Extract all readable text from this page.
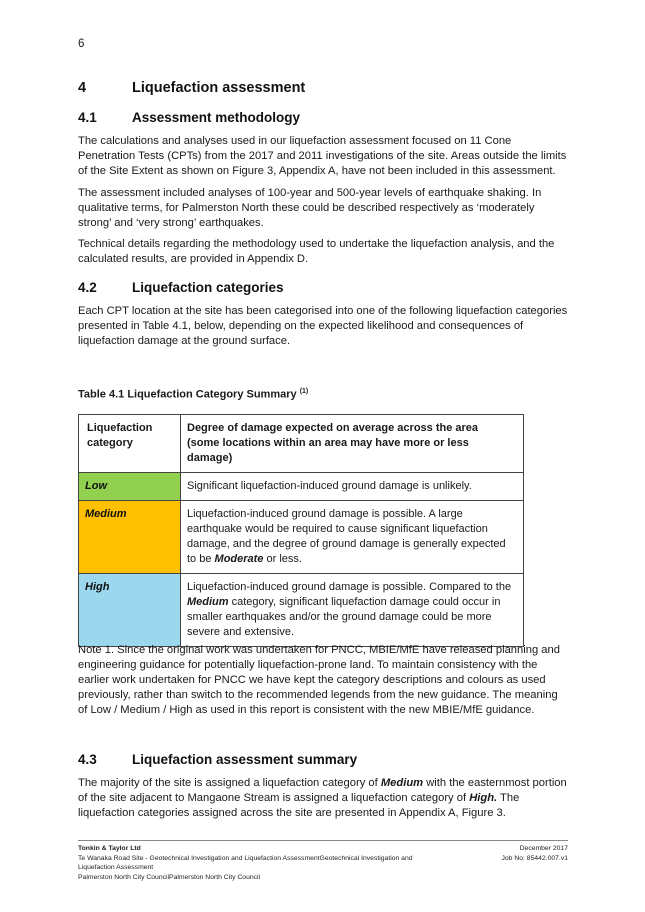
6
4	Liquefaction assessment
4.1	Assessment methodology

The calculations and analyses used in our liquefaction assessment focused on 11 Cone Penetration Tests (CPTs) from the 2017 and 2011 investigations of the site. Areas outside the limits of the Site Extent as shown on Figure 3, Appendix A, have not been included in this assessment.

The assessment included analyses of 100-year and 500-year levels of earthquake shaking. In qualitative terms, for Palmerston North these could be described respectively as ‘moderately strong’ and ‘very strong’ earthquakes.

Technical details regarding the methodology used to undertake the liquefaction analysis, and the calculated results, are provided in Appendix D.

4.2	Liquefaction categories

Each CPT location at the site has been categorised into one of the following liquefaction categories presented in Table 4.1, below, depending on the expected likelihood and consequences of liquefaction damage at the ground surface.

Table 4.1 Liquefaction Category Summary $^{(1)}$
Liquefaction category	Degree of damage expected on average across the area
(some locations within an area may have more or less damage)

Low	Significant liquefaction-induced ground damage is unlikely.
Medium	Liquefaction-induced ground damage is possible. A large earthquake would be required to cause significant liquefaction damage, and the degree of ground damage is generally expected to be Moderate or less.
High	Liquefaction-induced ground damage is possible. Compared to the Medium category, significant liquefaction damage could occur in smaller earthquakes and/or the ground damage could be more severe and extensive.

Note 1. Since the original work was undertaken for PNCC, MBIE/MfE have released planning and engineering guidance for potentially liquefaction-prone land. To maintain consistency with the earlier work undertaken for PNCC we have kept the category descriptions and colours as used previously, rather than switch to the recommended legends from the new guidance. The meaning of Low / Medium / High as used in this report is consistent with the new MBIE/MfE guidance.

4.3	Liquefaction assessment summary

The majority of the site is assigned a liquefaction category of Medium with the easternmost portion of the site adjacent to Mangaone Stream is assigned a liquefaction category of High. The liquefaction categories assigned across the site are presented in Appendix A, Figure 3.

Tonkin & Taylor Ltd
Te Wanaka Road Site - Geotechnical Investigation and Liquefaction AssessmentGeotechnical Investigation and
Liquefaction Assessment
Palmerston North City CouncilPalmerston North City Council
December 2017
Job No: 85442.007.v1
